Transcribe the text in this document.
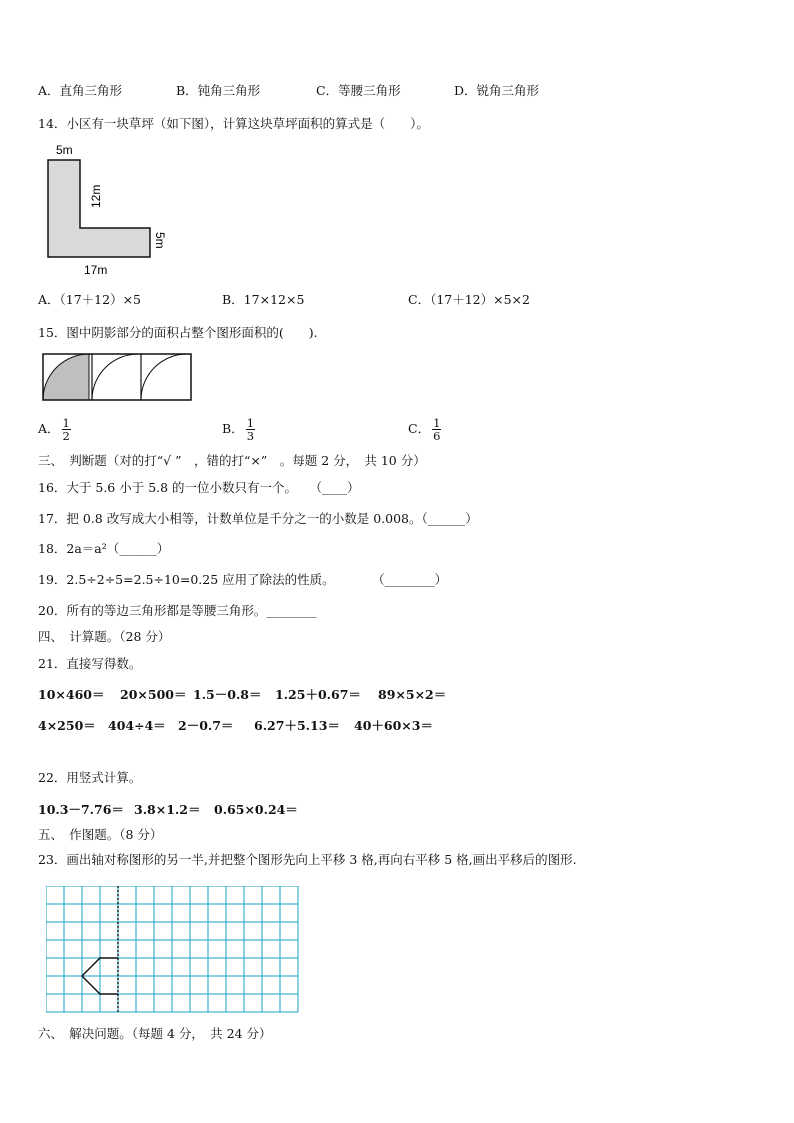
A．直角三角形	B．钝角三角形	C．等腰三角形	D．锐角三角形
14．小区有一块草坪（如下图），计算这块草坪面积的算式是（　　）。
5m
12m
5m
17m
A．（17＋12）×5	B．17×12×5	C．（17＋12）×5×2
15．图中阴影部分的面积占整个图形面积的(　　).
A． $\frac{1}{2}$	B． $\frac{1}{3}$	C． $\frac{1}{6}$
三、　判断题（对的打“√ ”　，错的打“×”　。每题 2 分，　共 10 分）
16．大于 5.6 小于 5.8 的一位小数只有一个。　　（____）
17．把 0.8 改写成大小相等，计数单位是千分之一的小数是 0.008。（______）
18．2a＝a²（______）
19．2.5÷2÷5=2.5÷10=0.25 应用了除法的性质。　　　　（________）
20．所有的等边三角形都是等腰三角形。________
四、　计算题。（28 分）
21．直接写得数。
10×460＝	20×500＝ 1.5－0.8＝	1.25＋0.67＝	89×5×2＝
4×250＝ 404÷4＝ 2－0.7＝	6.27＋5.13＝	40＋60×3＝
22．用竖式计算。
10.3－7.76＝ 3.8×1.2＝	0.65×0.24＝
五、　作图题。（8 分）
23．画出轴对称图形的另一半,并把整个图形先向上平移 3 格,再向右平移 5 格,画出平移后的图形.
六、　解决问题。（每题 4 分，　共 24 分）
